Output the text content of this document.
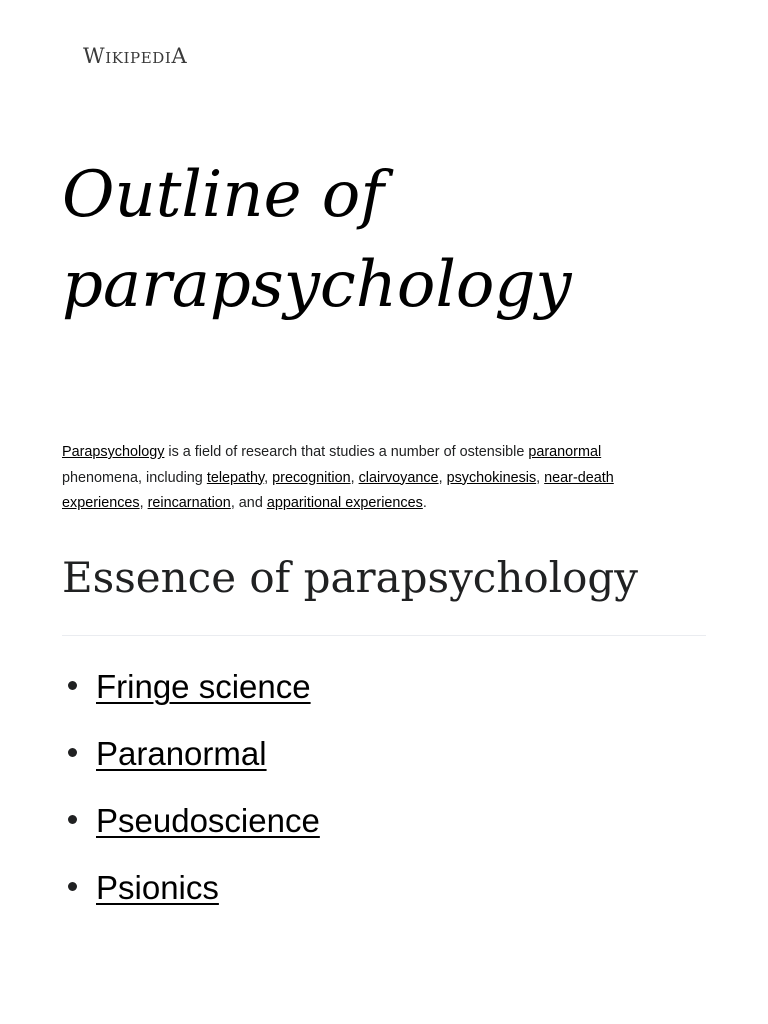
WikipediA
Outline of parapsychology

Parapsychology is a field of research that studies a number of ostensible paranormal phenomena, including telepathy, precognition, clairvoyance, psychokinesis, near-death experiences, reincarnation, and apparitional experiences.

Essence of parapsychology
Fringe science
Paranormal
Pseudoscience
Psionics
